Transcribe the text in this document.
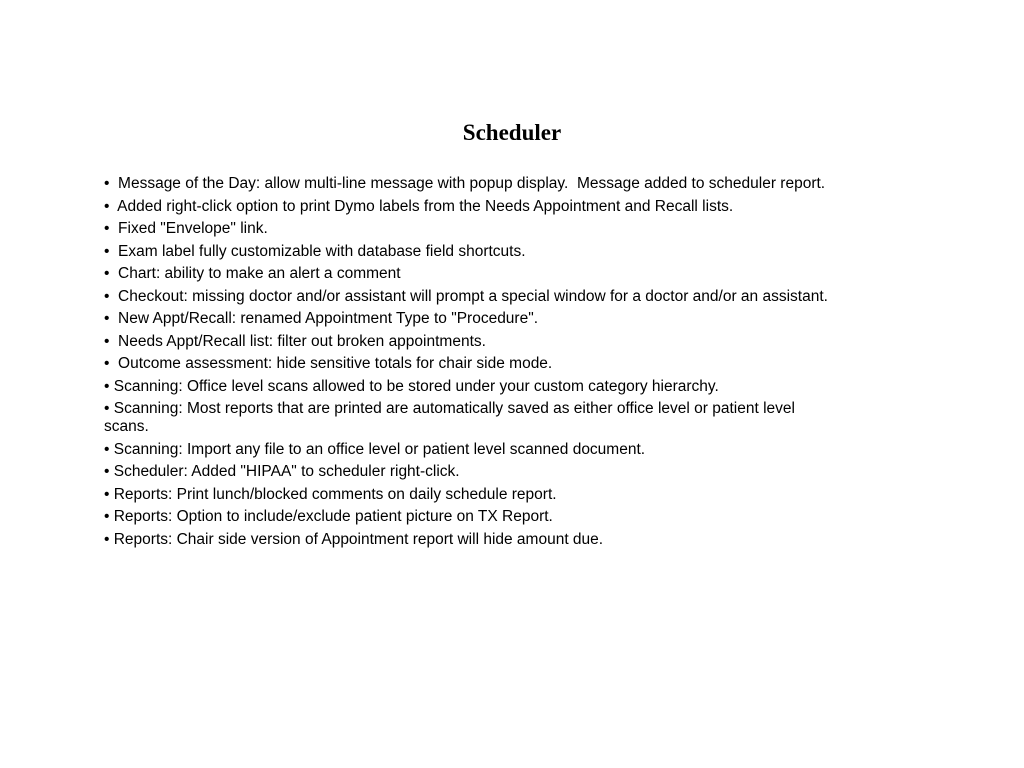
Scheduler
•  Message of the Day: allow multi-line message with popup display.  Message added to scheduler report.
•  Added right-click option to print Dymo labels from the Needs Appointment and Recall lists.
•  Fixed "Envelope" link.
•  Exam label fully customizable with database field shortcuts.
•  Chart: ability to make an alert a comment
•  Checkout: missing doctor and/or assistant will prompt a special window for a doctor and/or an assistant.
•  New Appt/Recall: renamed Appointment Type to "Procedure".
•  Needs Appt/Recall list: filter out broken appointments.
•  Outcome assessment: hide sensitive totals for chair side mode.
• Scanning: Office level scans allowed to be stored under your custom category hierarchy.
• Scanning: Most reports that are printed are automatically saved as either office level or patient level scans.
• Scanning: Import any file to an office level or patient level scanned document.
• Scheduler: Added "HIPAA" to scheduler right-click.
• Reports: Print lunch/blocked comments on daily schedule report.
• Reports: Option to include/exclude patient picture on TX Report.
• Reports: Chair side version of Appointment report will hide amount due.
